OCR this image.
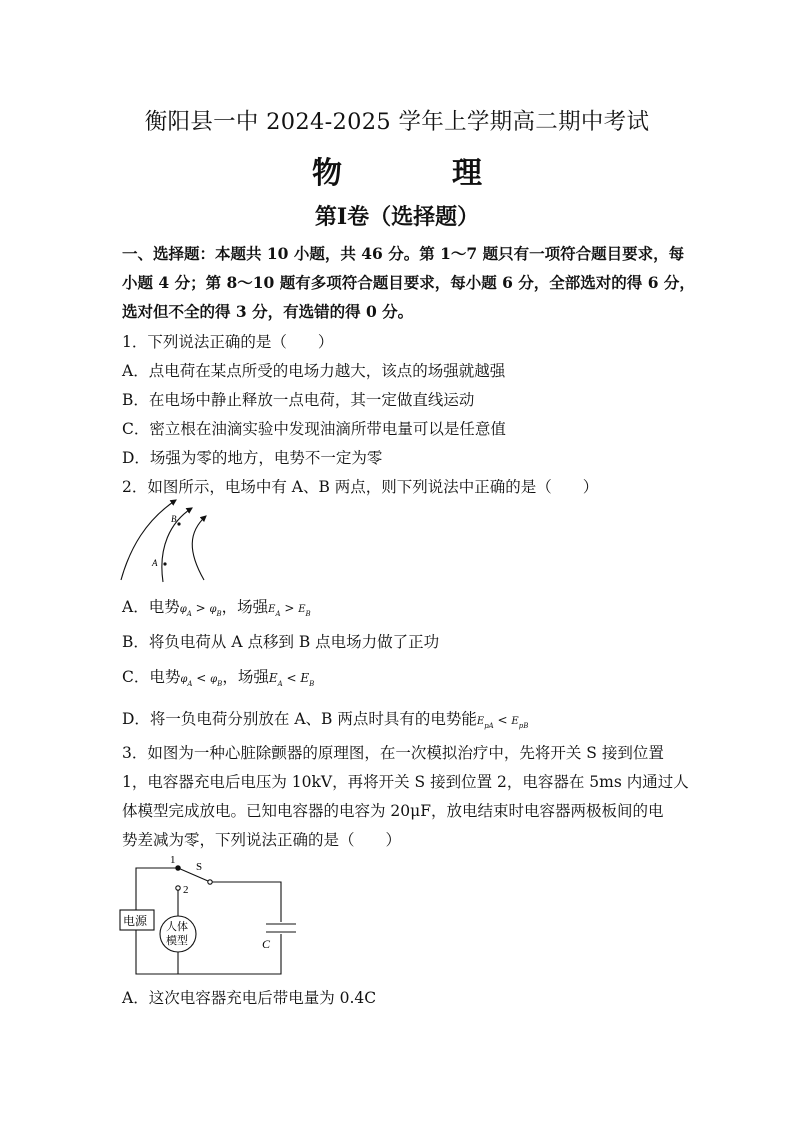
衡阳县一中 2024-2025 学年上学期高二期中考试
物　理
第Ⅰ卷（选择题）
一、选择题：本题共 10 小题，共 46 分。第 1～7 题只有一项符合题目要求，每
小题 4 分；第 8～10 题有多项符合题目要求，每小题 6 分，全部选对的得 6 分，
选对但不全的得 3 分，有选错的得 0 分。
1．下列说法正确的是（　　）
A．点电荷在某点所受的电场力越大，该点的场强就越强
B．在电场中静止释放一点电荷，其一定做直线运动
C．密立根在油滴实验中发现油滴所带电量可以是任意值
D．场强为零的地方，电势不一定为零
2．如图所示，电场中有 A、B 两点，则下列说法中正确的是（　　）
B
A
A．电势$\varphi_A > \varphi_B$，场强$E_A > E_B$
B．将负电荷从 A 点移到 B 点电场力做了正功
C．电势$\varphi_A < \varphi_B$，场强$E_A < E_B$
D．将一负电荷分别放在 A、B 两点时具有的电势能$E_{pA} < E_{pB}$
3．如图为一种心脏除颤器的原理图，在一次模拟治疗中，先将开关 S 接到位置
1，电容器充电后电压为 10kV，再将开关 S 接到位置 2，电容器在 5ms 内通过人
体模型完成放电。已知电容器的电容为 20μF，放电结束时电容器两极板间的电
势差减为零，下列说法正确的是（　　）
电源
1
2
S
人体
模型	C
A．这次电容器充电后带电量为 0.4C
